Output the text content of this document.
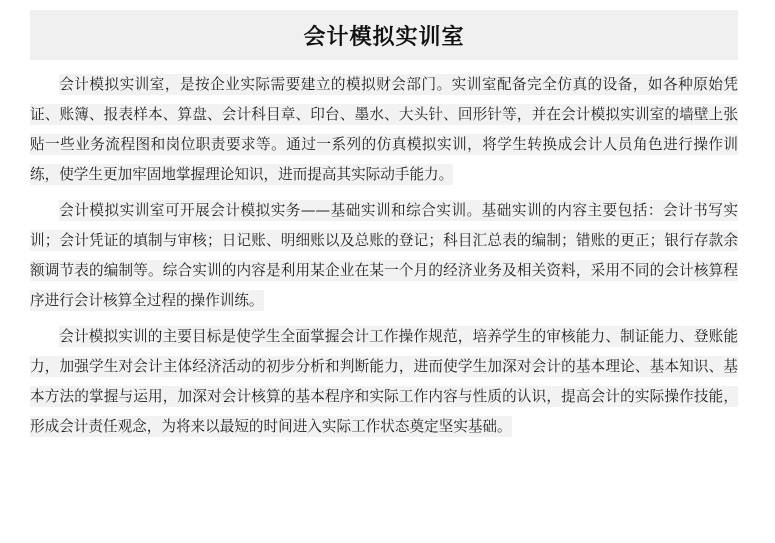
会计模拟实训室

会计模拟实训室，是按企业实际需要建立的模拟财会部门。实训室配备完全仿真的设备，如各种原始凭证、账簿、报表样本、算盘、会计科目章、印台、墨水、大头针、回形针等，并在会计模拟实训室的墙壁上张贴一些业务流程图和岗位职责要求等。通过一系列的仿真模拟实训，将学生转换成会计人员角色进行操作训练，使学生更加牢固地掌握理论知识，进而提高其实际动手能力。

会计模拟实训室可开展会计模拟实务——基础实训和综合实训。基础实训的内容主要包括：会计书写实训；会计凭证的填制与审核；日记账、明细账以及总账的登记；科目汇总表的编制；错账的更正；银行存款余额调节表的编制等。综合实训的内容是利用某企业在某一个月的经济业务及相关资料，采用不同的会计核算程序进行会计核算全过程的操作训练。

会计模拟实训的主要目标是使学生全面掌握会计工作操作规范，培养学生的审核能力、制证能力、登账能力，加强学生对会计主体经济活动的初步分析和判断能力，进而使学生加深对会计的基本理论、基本知识、基本方法的掌握与运用，加深对会计核算的基本程序和实际工作内容与性质的认识，提高会计的实际操作技能，形成会计责任观念，为将来以最短的时间进入实际工作状态奠定坚实基础。
